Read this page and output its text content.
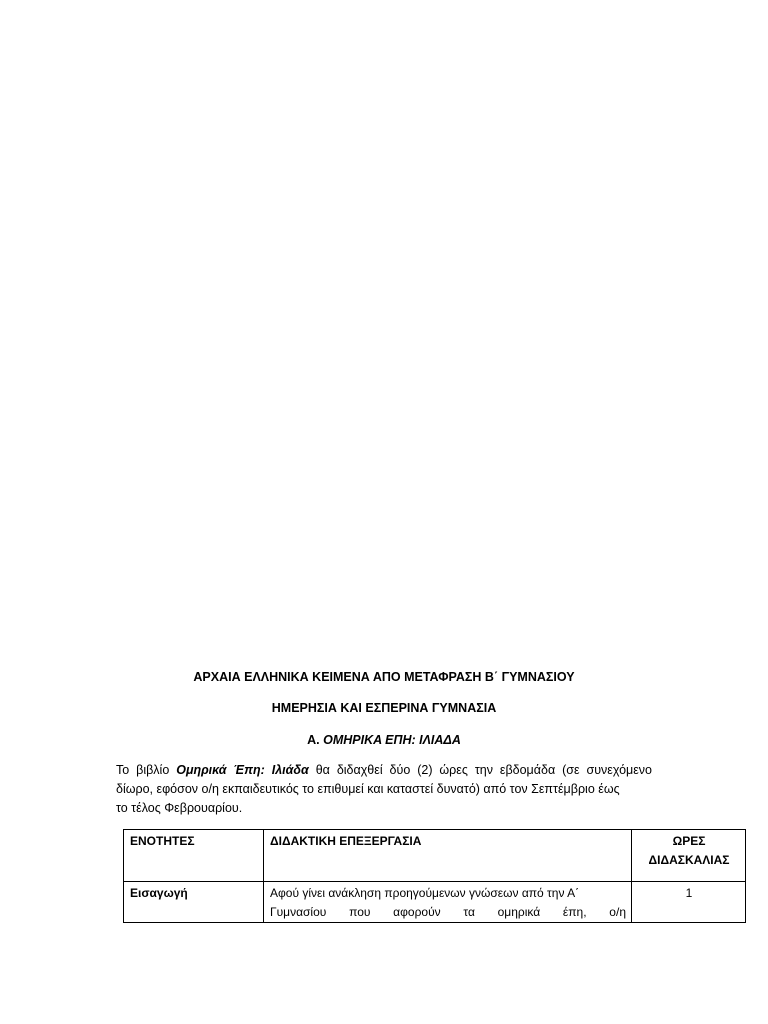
ΑΡΧΑΙΑ ΕΛΛΗΝΙΚΑ ΚΕΙΜΕΝΑ ΑΠΟ ΜΕΤΑΦΡΑΣΗ Β΄ ΓΥΜΝΑΣΙΟΥ
ΗΜΕΡΗΣΙΑ ΚΑΙ ΕΣΠΕΡΙΝΑ ΓΥΜΝΑΣΙΑ
Α. ΟΜΗΡΙΚΑ ΕΠΗ: ΙΛΙΑΔΑ
Το βιβλίο Ομηρικά Έπη: Ιλιάδα θα διδαχθεί δύο (2) ώρες την εβδομάδα (σε συνεχόμενο
δίωρο, εφόσον ο/η εκπαιδευτικός το επιθυμεί και καταστεί δυνατό) από τον Σεπτέμβριο έως
το τέλος Φεβρουαρίου.
ΕΝΟΤΗΤΕΣ	ΔΙΔΑΚΤΙΚΗ ΕΠΕΞΕΡΓΑΣΙΑ	ΩΡΕΣ
ΔΙΔΑΣΚΑΛΙΑΣ

Εισαγωγή	Αφού γίνει ανάκληση προηγούμενων γνώσεων από την Α΄
Γυμνασίου που αφορούν τα ομηρικά έπη, ο/η	1
